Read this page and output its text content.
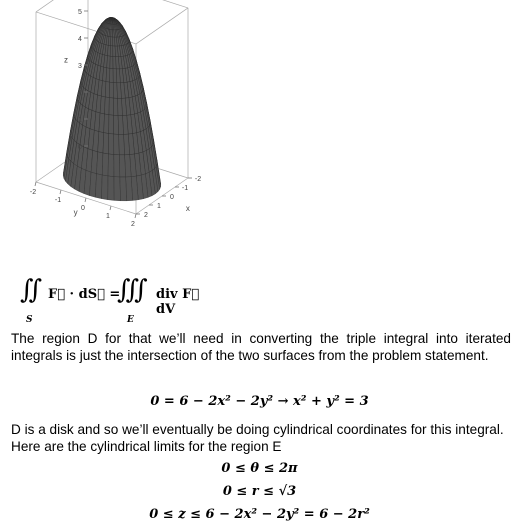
0
1
2
3
4
5
z
-2
-1
0
1
2
y
-2
-1
0
1
2
x
∬
S
F⃗ · dS⃗ =
∭
E
div F⃗ dV
The region D for that we’ll need in converting the triple integral into iterated integrals is just the intersection of the two surfaces from the problem statement.
0 = 6 − 2x² − 2y² → x² + y² = 3
D is a disk and so we’ll eventually be doing cylindrical coordinates for this integral. Here are the cylindrical limits for the region E
0 ≤ θ ≤ 2π
0 ≤ r ≤ √3
0 ≤ z ≤ 6 − 2x² − 2y² = 6 − 2r²
